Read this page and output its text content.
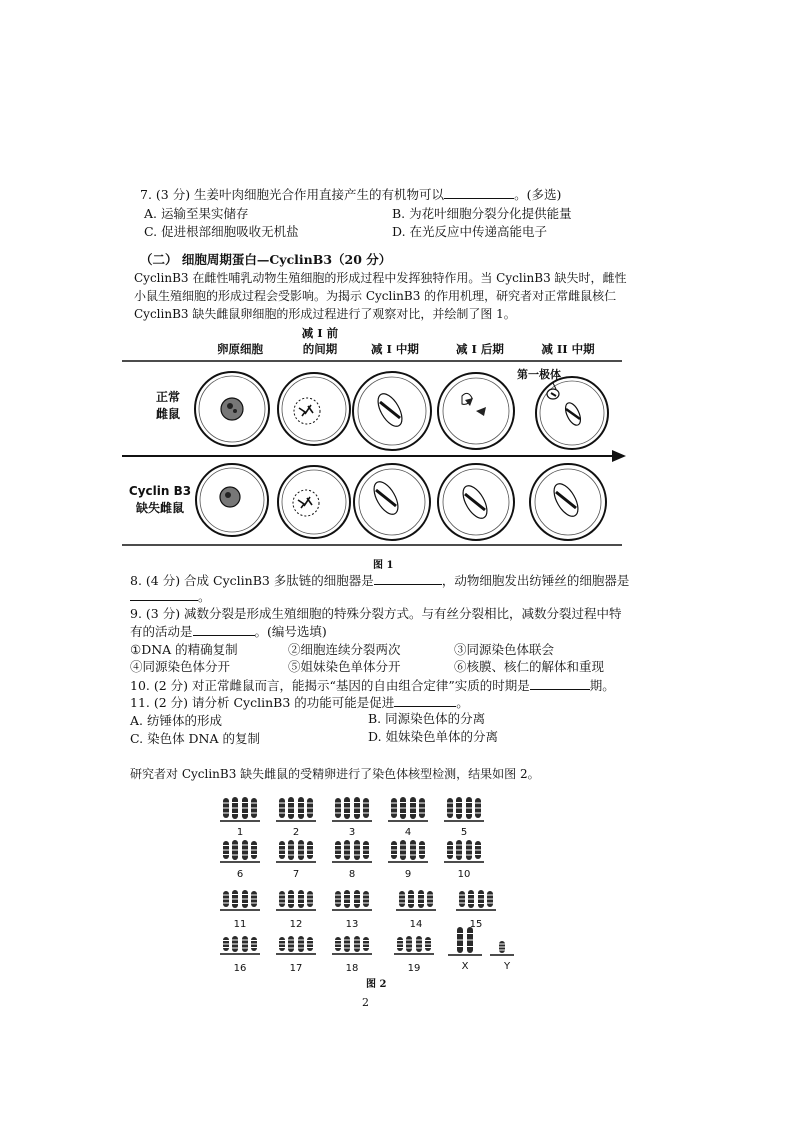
7. (3 分) 生姜叶肉细胞光合作用直接产生的有机物可以	。(多选)
A. 运输至果实储存	B. 为花叶细胞分裂分化提供能量
C. 促进根部细胞吸收无机盐	D. 在光反应中传递高能电子
（二） 细胞周期蛋白—CyclinB3（20 分）
CyclinB3 在雌性哺乳动物生殖细胞的形成过程中发挥独特作用。当 CyclinB3 缺失时，雌性
小鼠生殖细胞的形成过程会受影响。为揭示 CyclinB3 的作用机理，研究者对正常雌鼠核仁
CyclinB3 缺失雌鼠卵细胞的形成过程进行了观察对比，并绘制了图 1。
卵原细胞
减 I 前
的间期	减 I 中期	减 I 后期	减 II 中期
正常
雌鼠
Cyclin B3
缺失雌鼠
第一极体
图 1
8. (4 分) 合成 CyclinB3 多肽链的细胞器是	，动物细胞发出纺锤丝的细胞器是
。
9. (3 分) 减数分裂是形成生殖细胞的特殊分裂方式。与有丝分裂相比，减数分裂过程中特
有的活动是	。(编号选填)
①DNA 的精确复制	②细胞连续分裂两次	③同源染色体联会
④同源染色体分开	⑤姐妹染色单体分开	⑥核膜、核仁的解体和重现
10. (2 分) 对正常雌鼠而言，能揭示“基因的自由组合定律”实质的时期是	期。
11. (2 分) 请分析 CyclinB3 的功能可能是促进	。
A. 纺锤体的形成	B. 同源染色体的分离
C. 染色体 DNA 的复制	D. 姐妹染色单体的分离
研究者对 CyclinB3 缺失雌鼠的受精卵进行了染色体核型检测，结果如图 2。
1	2	3	4	5
6	7	8	9	10
11	12	13	14	15
16	17	18	19	X	Y
图 2
2
